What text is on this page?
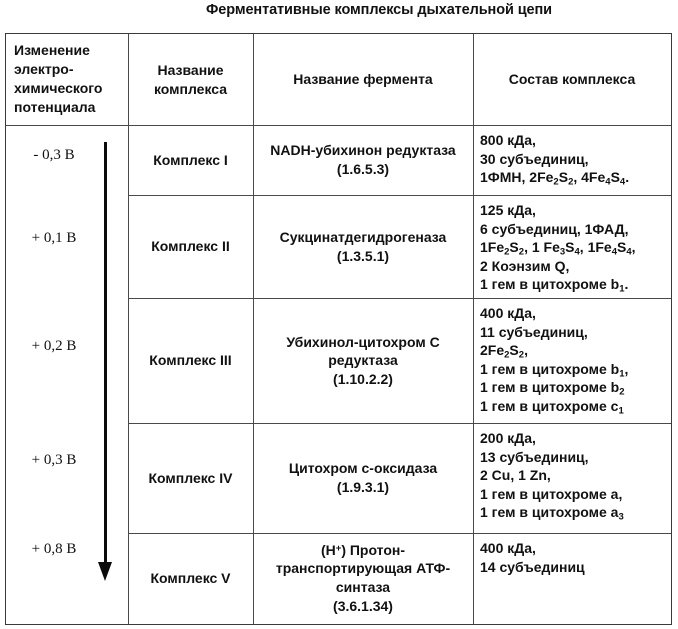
Ферментативные комплексы дыхательной цепи
Изменение электро-химического потенциала
Название комплекса
Название фермента	Состав комплекса
- 0,3 В
+ 0,1 В
+ 0,2 В
+ 0,3 В
+ 0,8 В
Комплекс I
NADH-убихинон редуктаза
(1.6.5.3)
800 кДа,
30 субъединиц,
1ФМН, $2Fe_2S_2$, $4Fe_4S_4$.
Комплекс II
Сукцинатдегидрогеназа
(1.3.5.1)
125 кДа,
6 субъединиц, 1ФАД,
$1Fe_2S_2$, 1 $Fe_3S_4$, $1Fe_4S_4$,
2 Коэнзим Q,
1 гем в цитохроме $b_1$.
Комплекс III
Убихинол-цитохром С редуктаза
(1.10.2.2)
400 кДа,
11 субъединиц,
$2Fe_2S_2$,
1 гем в цитохроме $b_1$,
1 гем в цитохроме $b_2$
1 гем в цитохроме $c_1$
Комплекс IV
Цитохром с-оксидаза
(1.9.3.1)
200 кДа,
13 субъединиц,
2 Cu, 1 Zn,
1 гем в цитохроме a,
1 гем в цитохроме $a_3$
Комплекс V
(Н+) Протон-транспортирующая АТФ-синтаза
(3.6.1.34)
400 кДа,
14 субъединиц
